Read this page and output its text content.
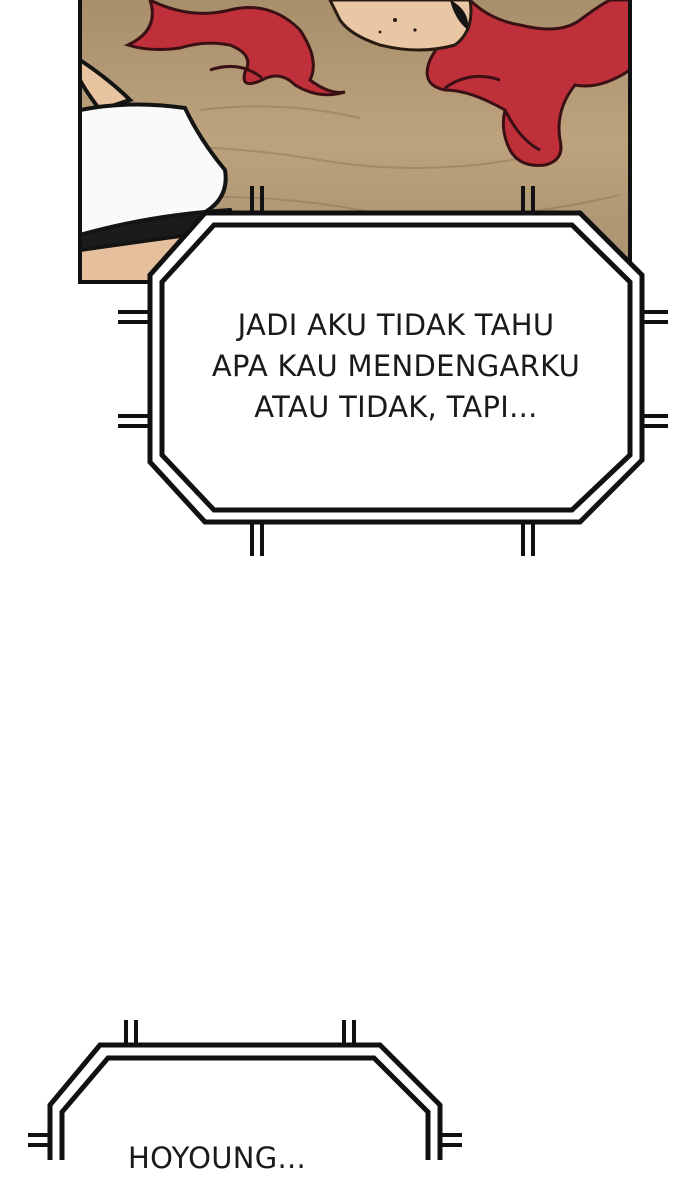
JADI AKU TIDAK TAHU
APA KAU MENDENGARKU
ATAU TIDAK, TAPI...
HOYOUNG...
